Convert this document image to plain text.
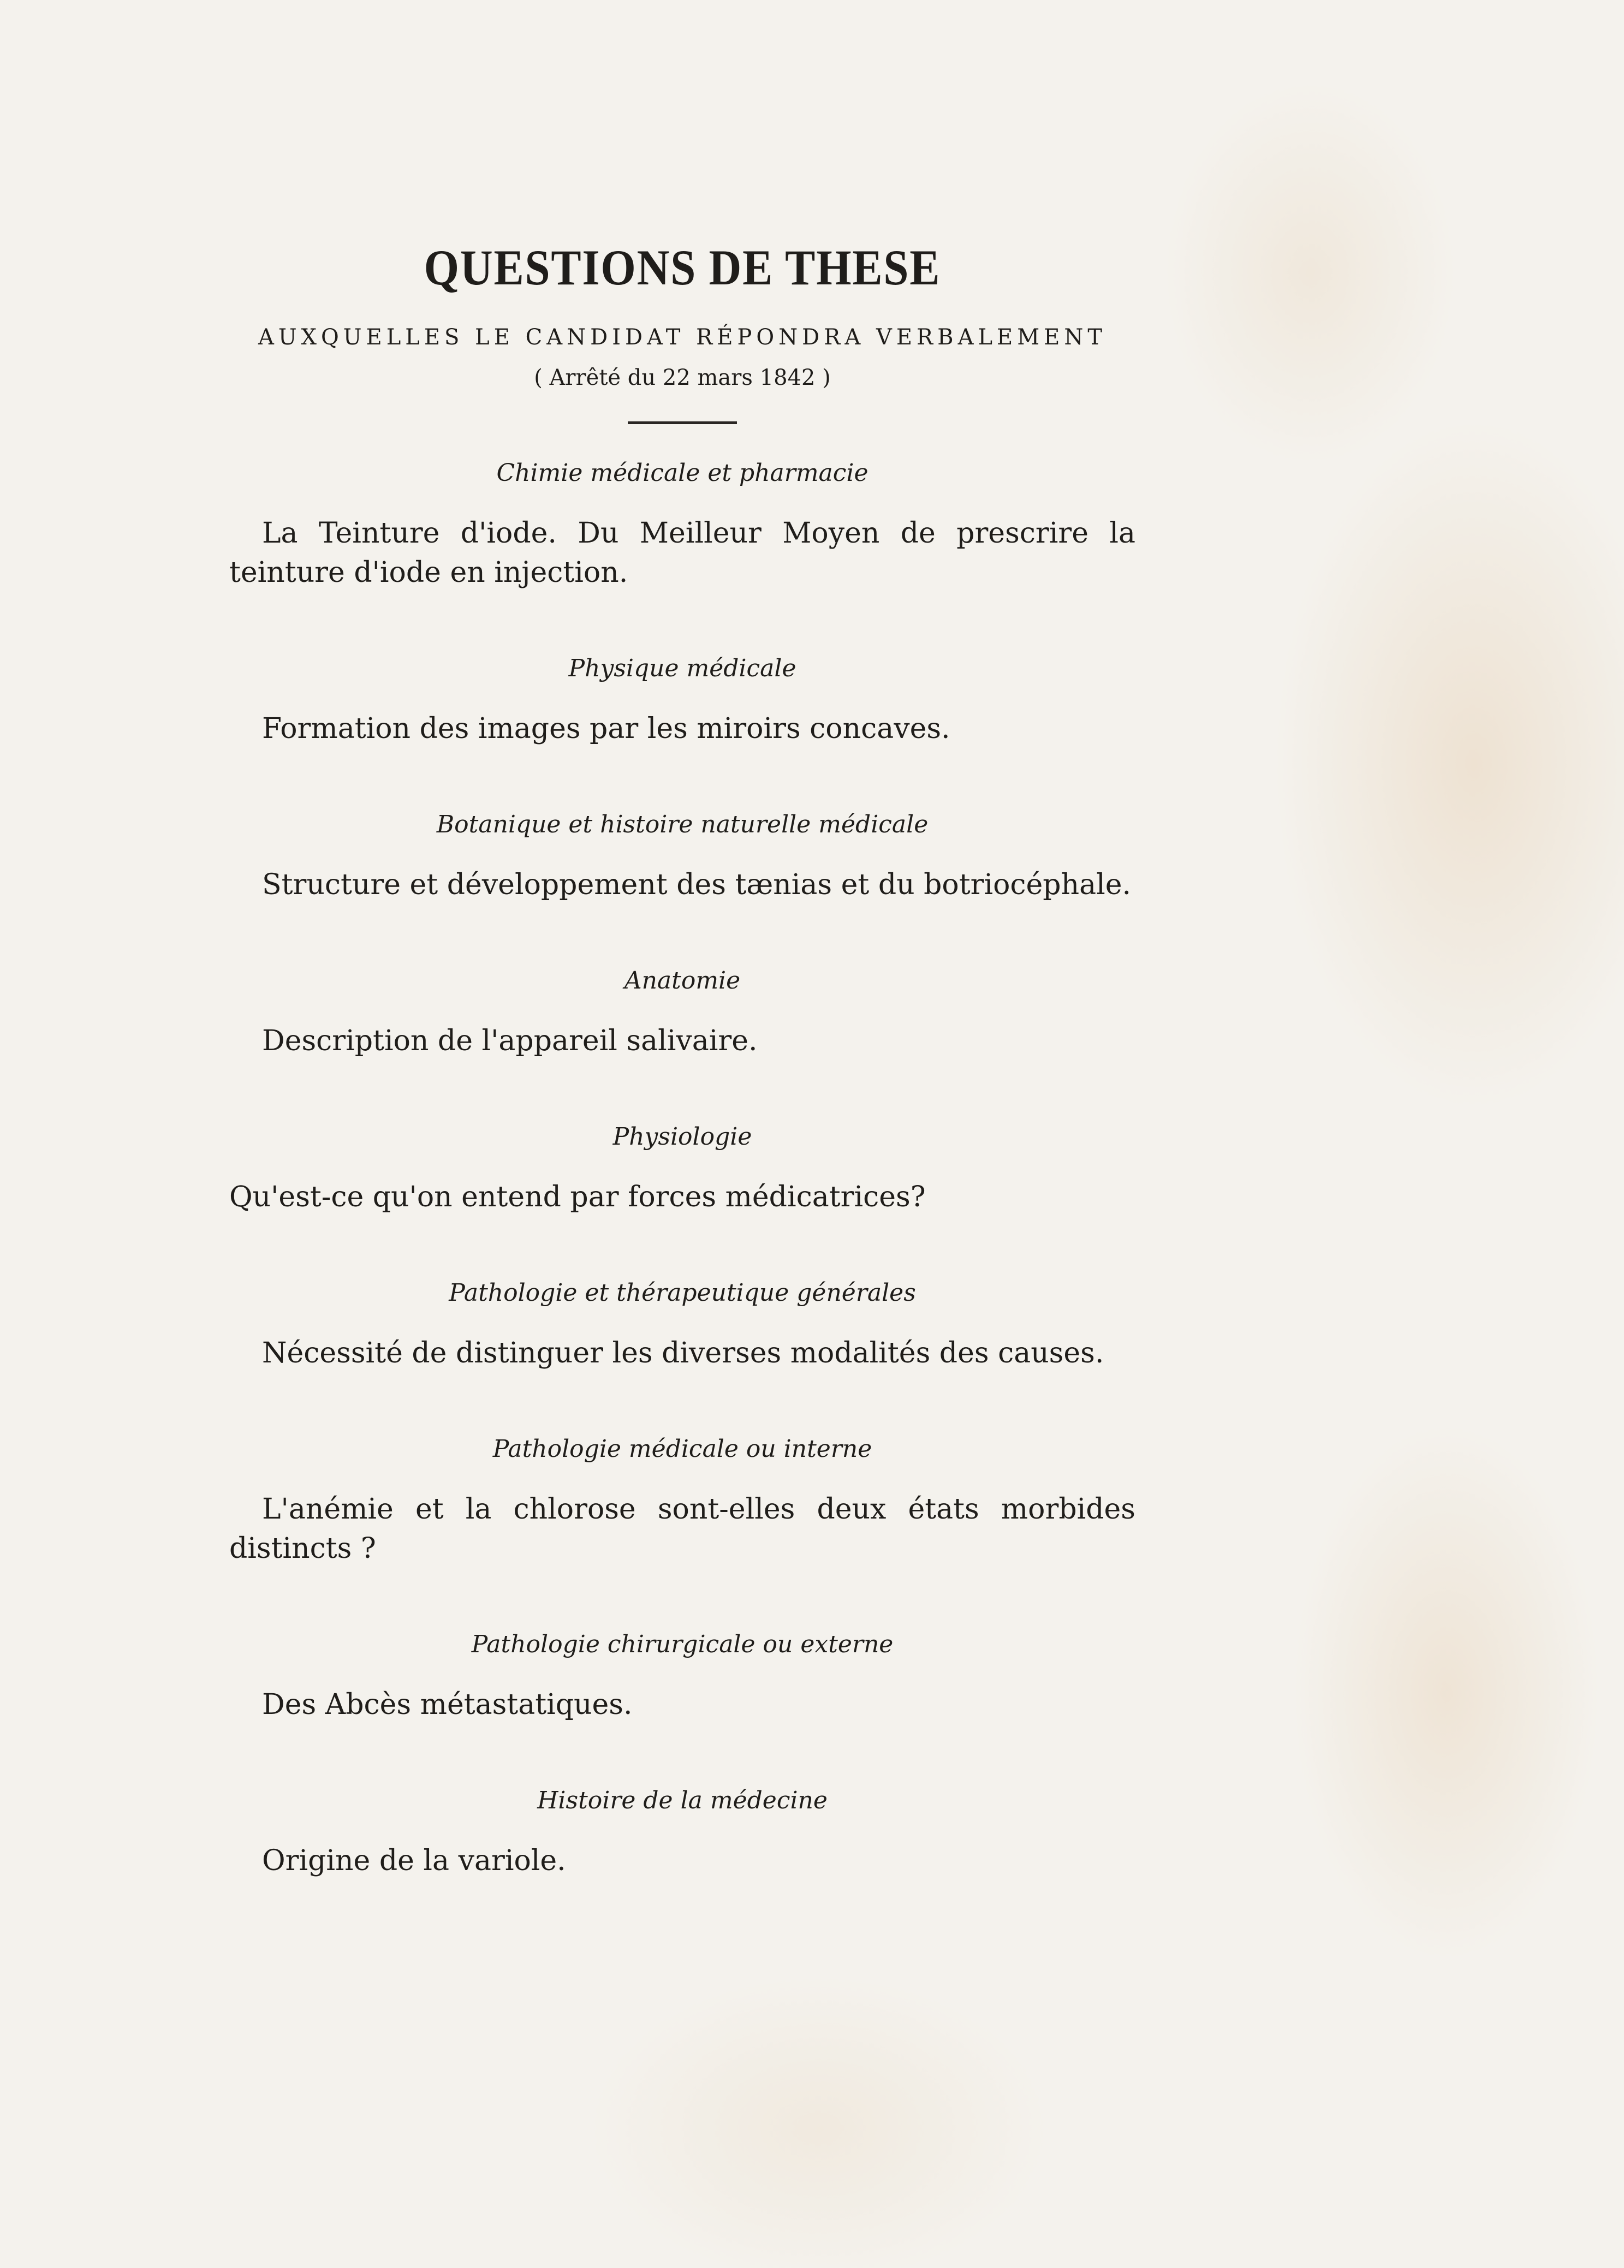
QUESTIONS DE THESE
AUXQUELLES LE CANDIDAT RÉPONDRA VERBALEMENT
( Arrêté du 22 mars 1842 )
Chimie médicale et pharmacie

La Teinture d'iode. Du Meilleur Moyen de prescrire la teinture d'iode en injection.

Physique médicale

Formation des images par les miroirs concaves.

Botanique et histoire naturelle médicale

Structure et développement des tænias et du botriocéphale.

Anatomie

Description de l'appareil salivaire.

Physiologie

Qu'est-ce qu'on entend par forces médicatrices?

Pathologie et thérapeutique générales

Nécessité de distinguer les diverses modalités des causes.

Pathologie médicale ou interne

L'anémie et la chlorose sont-elles deux états morbides distincts ?

Pathologie chirurgicale ou externe

Des Abcès métastatiques.

Histoire de la médecine

Origine de la variole.
